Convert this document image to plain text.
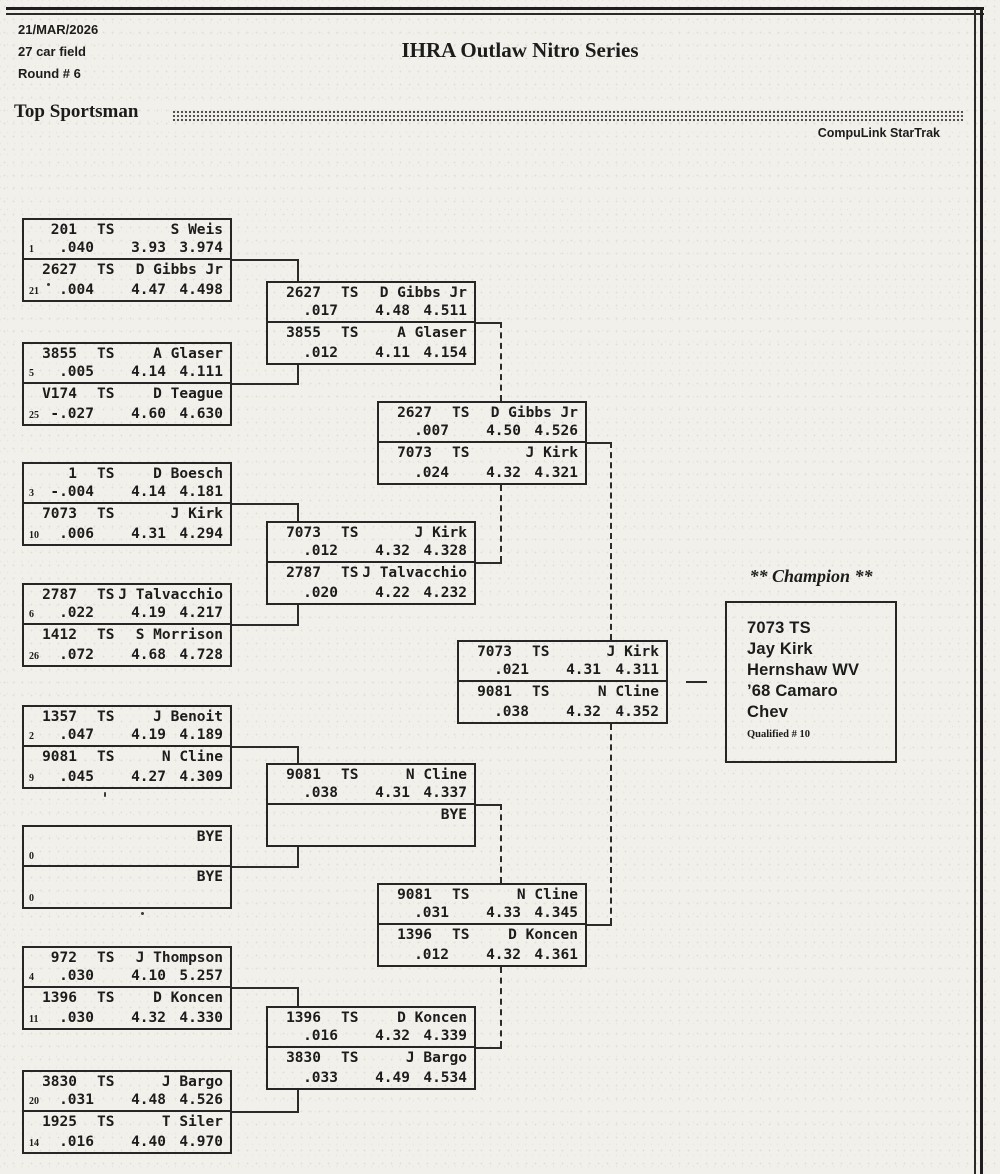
21/MAR/2026
27 car field
Round # 6
IHRA Outlaw Nitro Series
Top Sportsman
CompuLink StarTrak
201 TS	S Weis
1	.040	3.93 3.974
2627 TS D Gibbs Jr
21	.004	4.47 4.498
3855 TS	A Glaser
5	.005	4.14 4.111
V174 TS	D Teague
25 -.027	4.60 4.630
1 TS	D Boesch
3	-.004	4.14 4.181
7073 TS	J Kirk
10	.006	4.31 4.294
2787 TS J Talvacchio
6	.022	4.19 4.217
1412 TS S Morrison
26	.072	4.68 4.728
1357 TS	J Benoit
2	.047	4.19 4.189
9081 TS	N Cline
9	.045	4.27 4.309
BYE
0
BYE
0
972 TS J Thompson
4	.030	4.10 5.257
1396 TS	D Koncen
11	.030	4.32 4.330
3830 TS	J Bargo
20	.031	4.48 4.526
1925 TS	T Siler
14	.016	4.40 4.970
2627 TS D Gibbs Jr
.017	4.48 4.511
3855 TS	A Glaser
.012	4.11 4.154
7073 TS	J Kirk
.012	4.32 4.328
2787 TS J Talvacchio
.020	4.22 4.232
9081 TS	N Cline
.038	4.31 4.337
BYE
1396 TS	D Koncen
.016	4.32 4.339
3830 TS	J Bargo
.033	4.49 4.534
2627 TS D Gibbs Jr
.007	4.50 4.526
7073 TS	J Kirk
.024	4.32 4.321
9081 TS	N Cline
.031	4.33 4.345
1396 TS	D Koncen
.012	4.32 4.361
7073 TS	J Kirk
.021	4.31 4.311
9081 TS	N Cline
.038	4.32 4.352
** Champion **
7073 TS
Jay Kirk
Hernshaw WV
’68 Camaro
Chev
Qualified # 10
